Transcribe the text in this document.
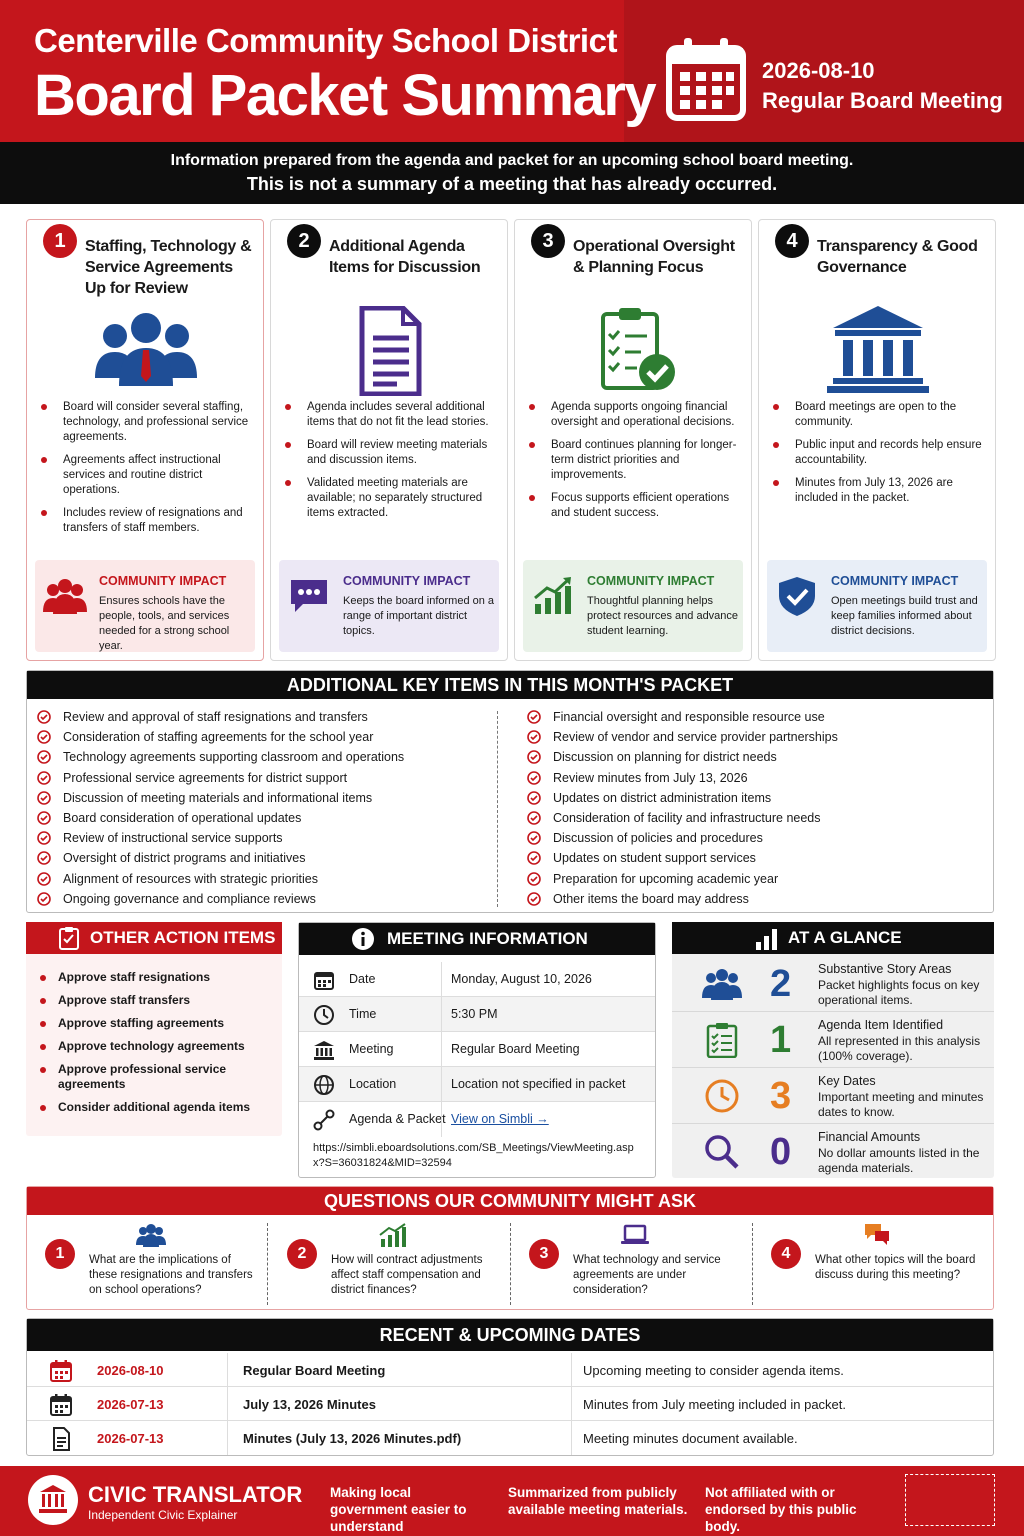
Centerville Community School District
Board Packet Summary	2026-08-10
Regular Board Meeting
Information prepared from the agenda and packet for an upcoming school board meeting.
This is not a summary of a meeting that has already occurred.
1	Staffing, Technology & Service Agreements Up for Review
Board will consider several staffing, technology, and professional service agreements.
Agreements affect instructional services and routine district operations.
Includes review of resignations and transfers of staff members.
COMMUNITY IMPACT
Ensures schools have the people, tools, and services needed for a strong school year.
2	Additional Agenda Items for Discussion
Agenda includes several additional items that do not fit the lead stories.
Board will review meeting materials and discussion items.
Validated meeting materials are available; no separately structured items extracted.
COMMUNITY IMPACT
Keeps the board informed on a range of important district topics.
3	Operational Oversight & Planning Focus
Agenda supports ongoing financial oversight and operational decisions.
Board continues planning for longer-term district priorities and improvements.
Focus supports efficient operations and student success.
COMMUNITY IMPACT
Thoughtful planning helps protect resources and advance student learning.
4	Transparency & Good Governance
Board meetings are open to the community.
Public input and records help ensure accountability.
Minutes from July 13, 2026 are included in the packet.
COMMUNITY IMPACT
Open meetings build trust and keep families informed about district decisions.
ADDITIONAL KEY ITEMS IN THIS MONTH'S PACKET
Review and approval of staff resignations and transfers
Consideration of staffing agreements for the school year
Technology agreements supporting classroom and operations
Professional service agreements for district support
Discussion of meeting materials and informational items
Board consideration of operational updates
Review of instructional service supports
Oversight of district programs and initiatives
Alignment of resources with strategic priorities
Ongoing governance and compliance reviews
Financial oversight and responsible resource use
Review of vendor and service provider partnerships
Discussion on planning for district needs
Review minutes from July 13, 2026
Updates on district administration items
Consideration of facility and infrastructure needs
Discussion of policies and procedures
Updates on student support services
Preparation for upcoming academic year
Other items the board may address
OTHER ACTION ITEMS
Approve staff resignations
Approve staff transfers
Approve staffing agreements
Approve technology agreements
Approve professional service agreements
Consider additional agenda items
MEETING INFORMATION
Date	Monday, August 10, 2026
Time	5:30 PM
Meeting	Regular Board Meeting
Location	Location not specified in packet
Agenda & Packet View on Simbli →
https://simbli.eboardsolutions.com/SB_Meetings/ViewMeeting.aspx?S=36031824&MID=32594
AT A GLANCE
2 Substantive Story Areas
Packet highlights focus on key operational items.
1 Agenda Item Identified
All represented in this analysis (100% coverage).
3 Key Dates
Important meeting and minutes dates to know.
0 Financial Amounts
No dollar amounts listed in the agenda materials.
QUESTIONS OUR COMMUNITY MIGHT ASK
1	What are the implications of these resignations and transfers on school operations?
2	How will contract adjustments affect staff compensation and district finances?
3	What technology and service agreements are under consideration?
4	What other topics will the board discuss during this meeting?
RECENT & UPCOMING DATES
2026-08-10	Regular Board Meeting	Upcoming meeting to consider agenda items.
2026-07-13	July 13, 2026 Minutes	Minutes from July meeting included in packet.
2026-07-13	Minutes (July 13, 2026 Minutes.pdf)	Meeting minutes document available.
CIVIC TRANSLATOR
Independent Civic Explainer
Making local government easier to understand
Summarized from publicly available meeting materials.
Not affiliated with or endorsed by this public body.
